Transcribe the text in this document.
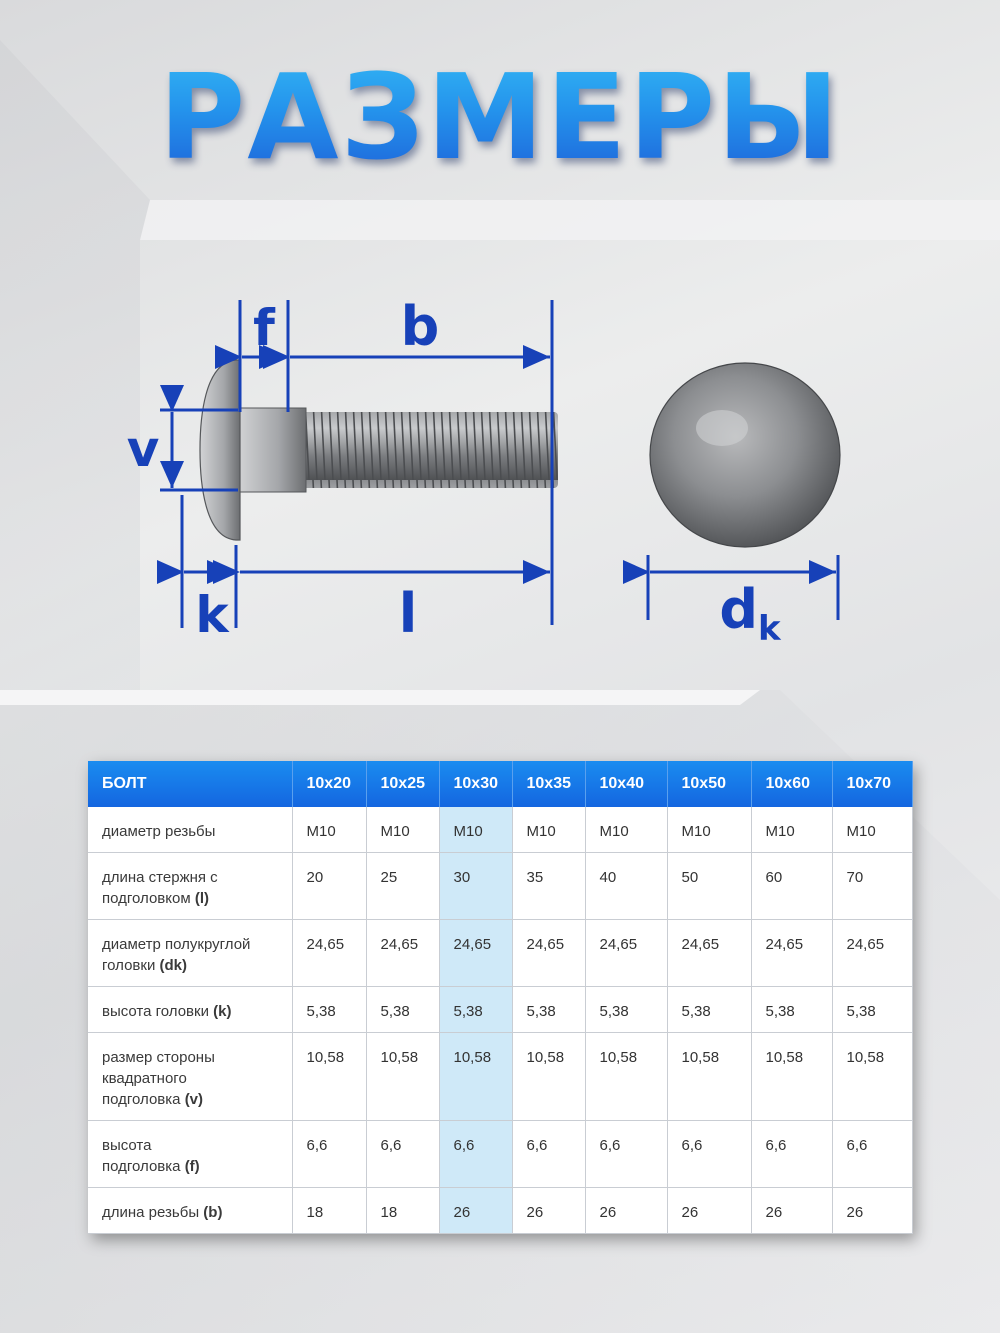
РАЗМЕРЫ
f b
v
k	l	$d_k$
БОЛТ	10x20	10x25	10x30	10x35	10x40	10x50	10x60	10x70
диаметр резьбы	M10	M10	M10	M10	M10	M10	M10	M10
длина стержня с
подголовком (l)	20	25	30	35	40	50	60	70
диаметр полукруглой
головки (dk)	24,65	24,65	24,65	24,65	24,65	24,65	24,65	24,65
высота головки (k)	5,38	5,38	5,38	5,38	5,38	5,38	5,38	5,38
размер стороны
квадратного
подголовка (v)	10,58	10,58	10,58	10,58	10,58	10,58	10,58	10,58
высота
подголовка (f)	6,6	6,6	6,6	6,6	6,6	6,6	6,6	6,6
длина резьбы (b)	18	18	26	26	26	26	26	26
